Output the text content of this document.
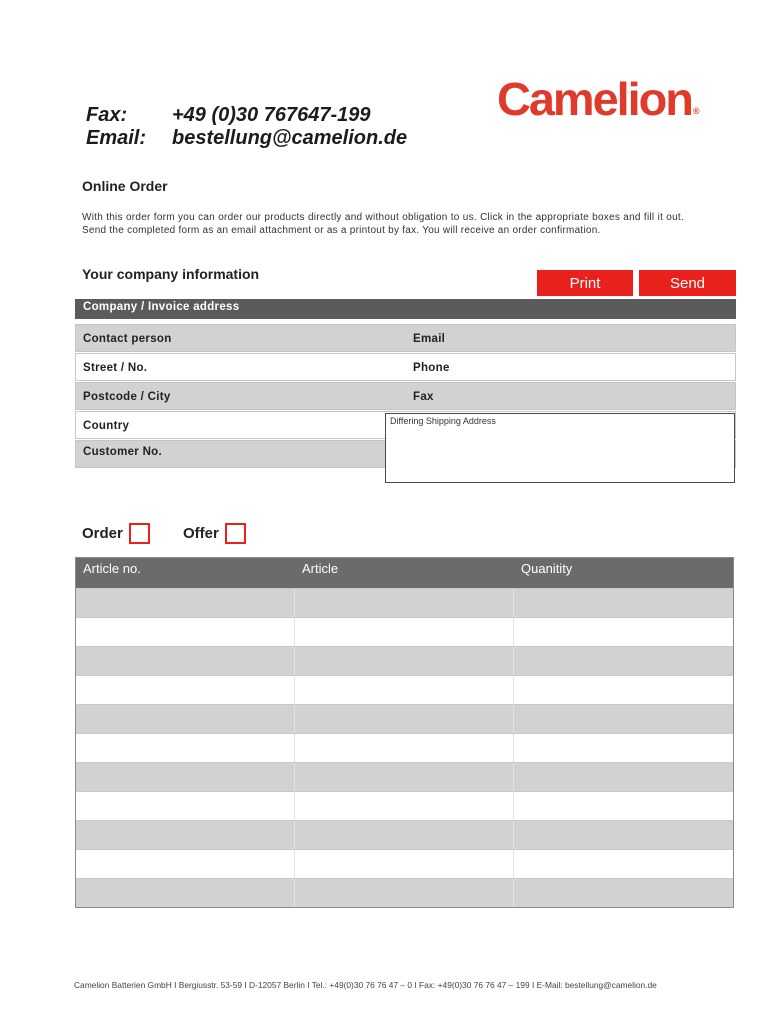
Fax:	+49 (0)30 767647-199
Email:	bestellung@camelion.de
Camelion®
Online Order
With this order form you can order our products directly and without obligation to us. Click in the appropriate boxes and fill it out. Send the completed form as an email attachment or as a printout by fax. You will receive an order confirmation.
Your company information
Print	Send
Company / Invoice address
Contact person	Email
Street / No.	Phone
Postcode / City	Fax
Country
Customer No.
Differing Shipping Address
Order	Offer
Article no.	Article	Quanitity
Camelion Batterien GmbH I Bergiusstr. 53-59 I D-12057 Berlin I Tel.: +49(0)30 76 76 47 – 0 I Fax: +49(0)30 76 76 47 – 199 I E-Mail: bestellung@camelion.de
